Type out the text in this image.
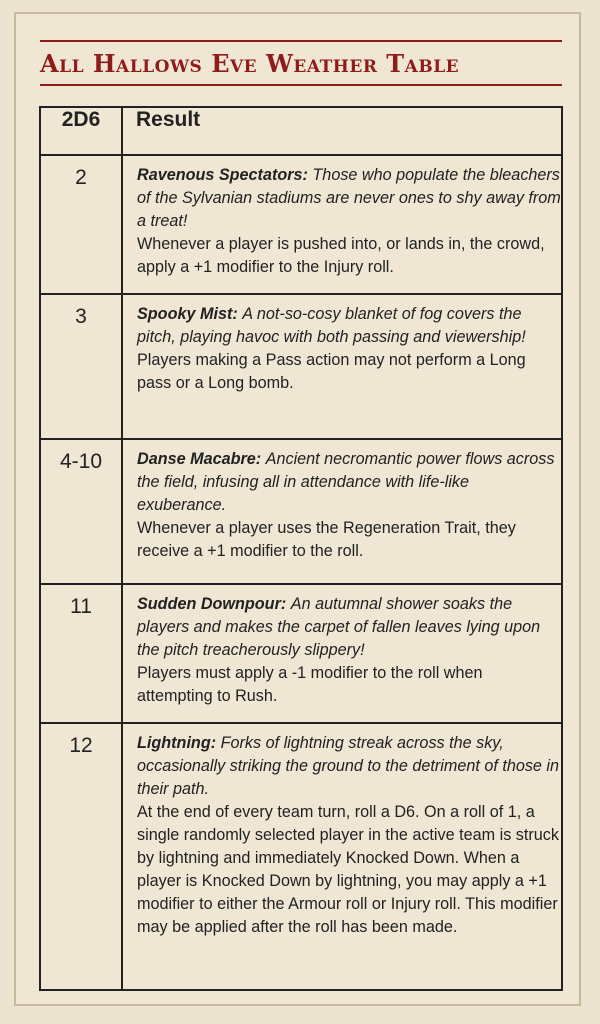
All Hallows Eve Weather Table
2D6	Result
2	Ravenous Spectators: Those who populate the bleachers of the Sylvanian stadiums are never ones to shy away from a treat!
Whenever a player is pushed into, or lands in, the crowd, apply a +1 modifier to the Injury roll.
3	Spooky Mist: A not-so-cosy blanket of fog covers the pitch, playing havoc with both passing and viewership!
Players making a Pass action may not perform a Long pass or a Long bomb.
4-10	Danse Macabre: Ancient necromantic power flows across the field, infusing all in attendance with life-like exuberance.
Whenever a player uses the Regeneration Trait, they receive a +1 modifier to the roll.
11	Sudden Downpour: An autumnal shower soaks the players and makes the carpet of fallen leaves lying upon the pitch treacherously slippery!
Players must apply a -1 modifier to the roll when attempting to Rush.
12	Lightning: Forks of lightning streak across the sky, occasionally striking the ground to the detriment of those in their path.
At the end of every team turn, roll a D6. On a roll of 1, a single randomly selected player in the active team is struck by lightning and immediately Knocked Down. When a player is Knocked Down by lightning, you may apply a +1 modifier to either the Armour roll or Injury roll. This modifier may be applied after the roll has been made.
